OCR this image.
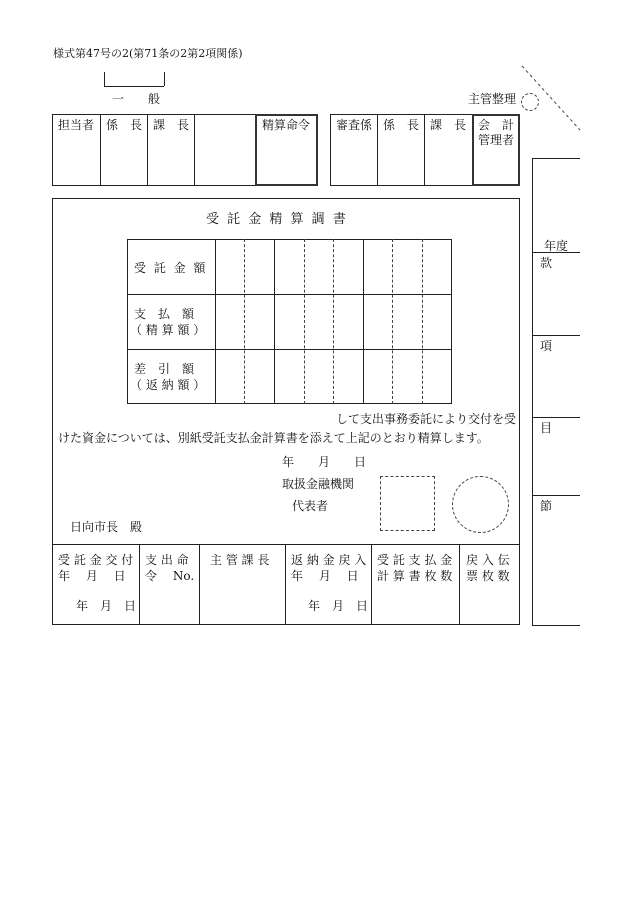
様式第47号の2(第71条の2第2項関係)
一　般	主管整理
担当者 係　長 課　長	精算命令 審査係 係　長 課　長 会　計
管理者
年度
款
項
目
節
受 託 金 精 算 調 書
受 託 金 額
支　払　額
（ 精 算 額 ）
差　引　額
（ 返 納 額 ）
して支出事務委託により交付を受
けた資金については、別紙受託支払金計算書を添えて上記のとおり精算します。
年　　月　　日
取扱金融機関
代表者
日向市長　殿
受 託 金 交 付
年　 月　 日
年　月　日
支 出 命
令　 No.
主 管 課 長 返 納 金 戻 入
年　 月　 日
年　月　日
受 託 支 払 金
計 算 書 枚 数
戻 入 伝
票 枚 数
